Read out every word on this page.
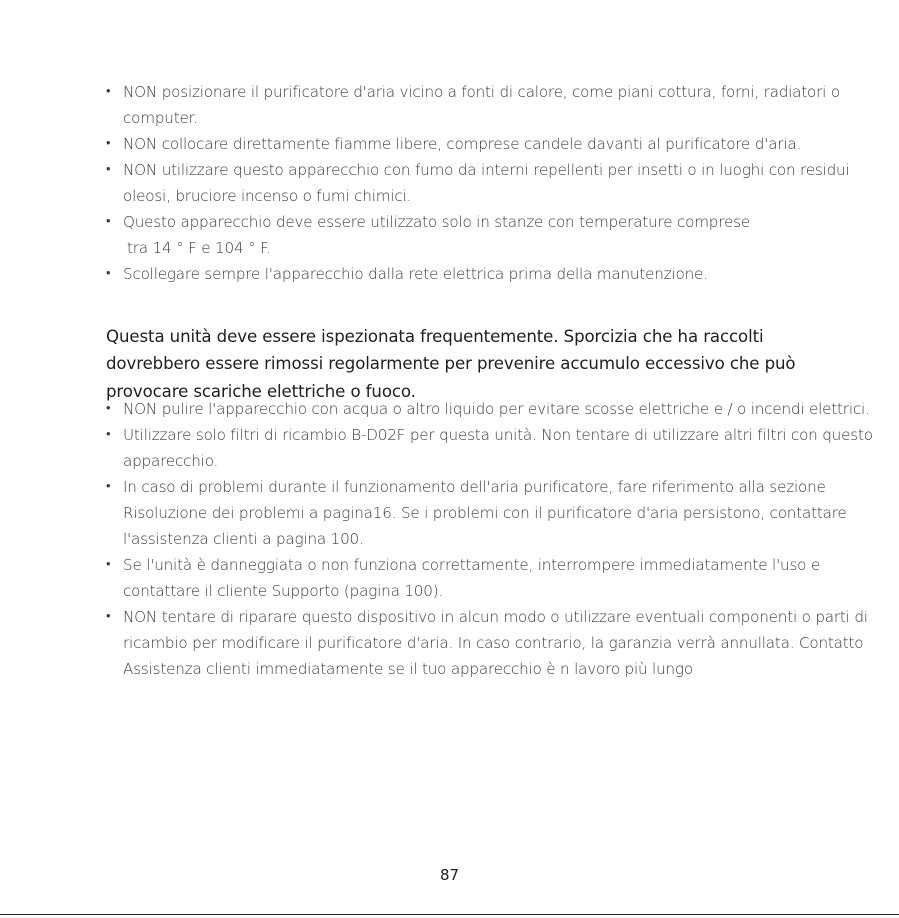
• NON posizionare il purificatore d'aria vicino a fonti di calore, come piani cottura, forni, radiatori o computer.
• NON collocare direttamente fiamme libere, comprese candele davanti al purificatore d'aria.
• NON utilizzare questo apparecchio con fumo da interni repellenti per insetti o in luoghi con residui oleosi, bruciore incenso o fumi chimici.
• Questo apparecchio deve essere utilizzato solo in stanze con temperature comprese
tra 14 ° F e 104 ° F.
• Scollegare sempre l'apparecchio dalla rete elettrica prima della manutenzione.

Questa unità deve essere ispezionata frequentemente. Sporcizia che ha raccolti dovrebbero essere rimossi regolarmente per prevenire accumulo eccessivo che può provocare scariche elettriche o fuoco.

• NON pulire l'apparecchio con acqua o altro liquido per evitare scosse elettriche e / o incendi elettrici.
• Utilizzare solo filtri di ricambio B-D02F per questa unità. Non tentare di utilizzare altri filtri con questo apparecchio.
• In caso di problemi durante il funzionamento dell'aria purificatore, fare riferimento alla sezione Risoluzione dei problemi a pagina16. Se i problemi con il purificatore d'aria persistono, contattare l'assistenza clienti a pagina 100.
• Se l'unità è danneggiata o non funziona correttamente, interrompere immediatamente l'uso e contattare il cliente Supporto (pagina 100).
• NON tentare di riparare questo dispositivo in alcun modo o utilizzare eventuali componenti o parti di ricambio per modificare il purificatore d'aria. In caso contrario, la garanzia verrà annullata. Contatto Assistenza clienti immediatamente se il tuo apparecchio è n lavoro più lungo
87
